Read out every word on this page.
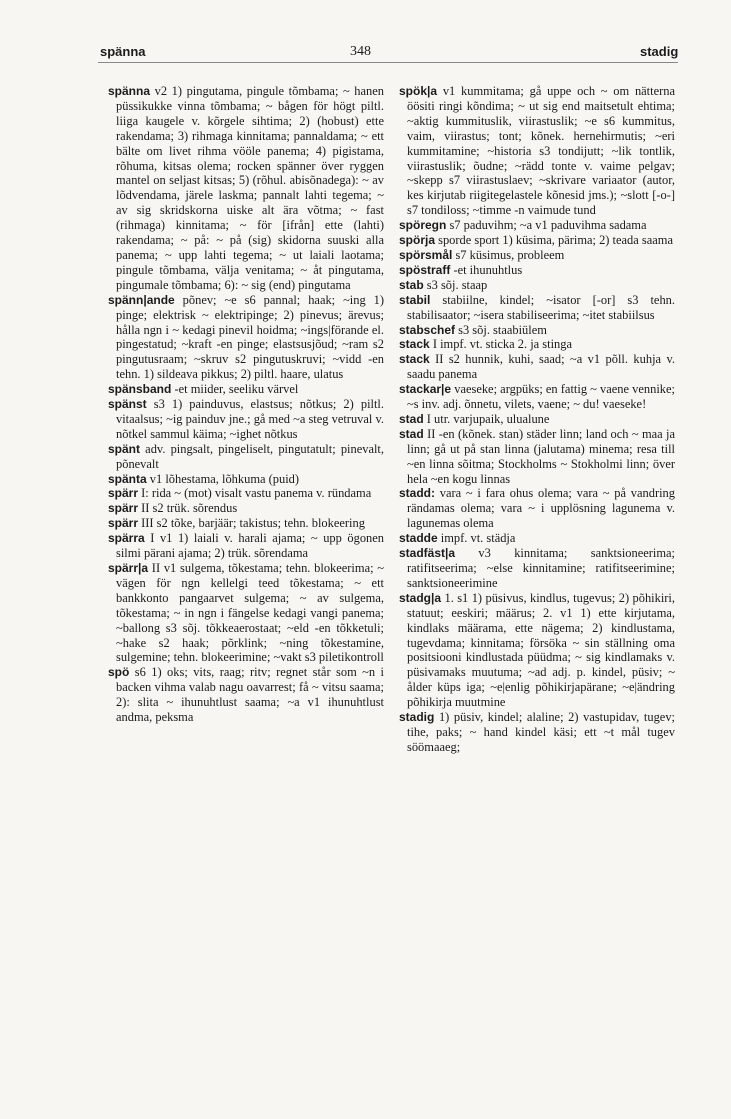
spänna	348	stadig

spänna v2 1) pingutama, pingule tõmbama; ~ hanen püssikukke vinna tõmbama; ~ bågen för högt piltl. liiga kaugele v. kõrgele sihtima; 2) (hobust) ette rakendama; 3) rihmaga kinnitama; pannaldama; ~ ett bälte om livet rihma vööle panema; 4) pigistama, rõhuma, kitsas olema; rocken spänner över ryggen mantel on seljast kitsas; 5) (rõhul. abisõnadega): ~ av lõdvendama, järele laskma; pannalt lahti tegema; ~ av sig skridskorna uiske alt ära võtma; ~ fast (rihmaga) kinnitama; ~ för [ifrån] ette (lahti) rakendama; ~ på: ~ på (sig) skidorna suuski alla panema; ~ upp lahti tegema; ~ ut laiali laotama; pingule tõmbama, välja venitama; ~ åt pingutama, pingumale tõmbama; 6): ~ sig (end) pingutama

spänn|ande põnev; ~e s6 pannal; haak; ~ing 1) pinge; elektrisk ~ elektripinge; 2) pinevus; ärevus; hålla ngn i ~ kedagi pinevil hoidma; ~ings|förande el. pingestatud; ~kraft -en pinge; elastsusjõud; ~ram s2 pingutusraam; ~skruv s2 pingutuskruvi; ~vidd -en tehn. 1) sildeava pikkus; 2) piltl. haare, ulatus

spänsband -et miider, seeliku värvel

spänst s3 1) painduvus, elastsus; nõtkus; 2) piltl. vitaalsus; ~ig painduv jne.; gå med ~a steg vetruval v. nõtkel sammul käima; ~ighet nõtkus

spänt adv. pingsalt, pingeliselt, pingutatult; pinevalt, põnevalt

spänta v1 lõhestama, lõhkuma (puid)

spärr I: rida ~ (mot) visalt vastu panema v. ründama

spärr II s2 trük. sõrendus

spärr III s2 tõke, barjäär; takistus; tehn. blokeering

spärra I v1 1) laiali v. harali ajama; ~ upp ögonen silmi pärani ajama; 2) trük. sõrendama

spärr|a II v1 sulgema, tõkestama; tehn. blokeerima; ~ vägen för ngn kellelgi teed tõkestama; ~ ett bankkonto pangaarvet sulgema; ~ av sulgema, tõkestama; ~ in ngn i fängelse kedagi vangi panema; ~ballong s3 sõj. tõkkeaerostaat; ~eld -en tõkketuli; ~hake s2 haak; põrklink; ~ning tõkestamine, sulgemine; tehn. blokeerimine; ~vakt s3 piletikontroll

spö s6 1) oks; vits, raag; ritv; regnet står som ~n i backen vihma valab nagu oavarrest; få ~ vitsu saama; 2): slita ~ ihunuhtlust saama; ~a v1 ihunuhtlust andma, peksma

spök|a v1 kummitama; gå uppe och ~ om nätterna öösiti ringi kõndima; ~ ut sig end maitsetult ehtima; ~aktig kummituslik, viirastuslik; ~e s6 kummitus, vaim, viirastus; tont; kõnek. hernehirmutis; ~eri kummitamine; ~historia s3 tondijutt; ~lik tontlik, viirastuslik; õudne; ~rädd tonte v. vaime pelgav; ~skepp s7 viirastuslaev; ~skrivare variaator (autor, kes kirjutab riigitegelastele kõnesid jms.); ~slott [-o-] s7 tondiloss; ~timme -n vaimude tund

spöregn s7 paduvihm; ~a v1 paduvihma sadama

spörja sporde sport 1) küsima, pärima; 2) teada saama

spörsmål s7 küsimus, probleem

spöstraff -et ihunuhtlus

stab s3 sõj. staap

stabil stabiilne, kindel; ~isator [-or] s3 tehn. stabilisaator; ~isera stabiliseerima; ~itet stabiilsus

stabschef s3 sõj. staabiülem

stack I impf. vt. sticka 2. ja stinga

stack II s2 hunnik, kuhi, saad; ~a v1 põll. kuhja v. saadu panema

stackar|e vaeseke; argpüks; en fattig ~ vaene vennike; ~s inv. adj. õnnetu, vilets, vaene; ~ du! vaeseke!

stad I utr. varjupaik, ulualune

stad II -en (kõnek. stan) städer linn; land och ~ maa ja linn; gå ut på stan linna (jalutama) minema; resa till ~en linna sõitma; Stockholms ~ Stokholmi linn; över hela ~en kogu linnas

stadd: vara ~ i fara ohus olema; vara ~ på vandring rändamas olema; vara ~ i upplösning lagunema v. lagunemas olema

stadde impf. vt. städja

stadfäst|a v3 kinnitama; sanktsioneerima; ratifitseerima; ~else kinnitamine; ratifitseerimine; sanktsioneerimine

stadg|a 1. s1 1) püsivus, kindlus, tugevus; 2) põhikiri, statuut; eeskiri; määrus; 2. v1 1) ette kirjutama, kindlaks määrama, ette nägema; 2) kindlustama, tugevdama; kinnitama; försöka ~ sin ställning oma positsiooni kindlustada püüdma; ~ sig kindlamaks v. püsivamaks muutuma; ~ad adj. p. kindel, püsiv; ~ ålder küps iga; ~e|enlig põhikirjapärane; ~e|ändring põhikirja muutmine

stadig 1) püsiv, kindel; alaline; 2) vastupidav, tugev; tihe, paks; ~ hand kindel käsi; ett ~t mål tugev söömaaeg;
